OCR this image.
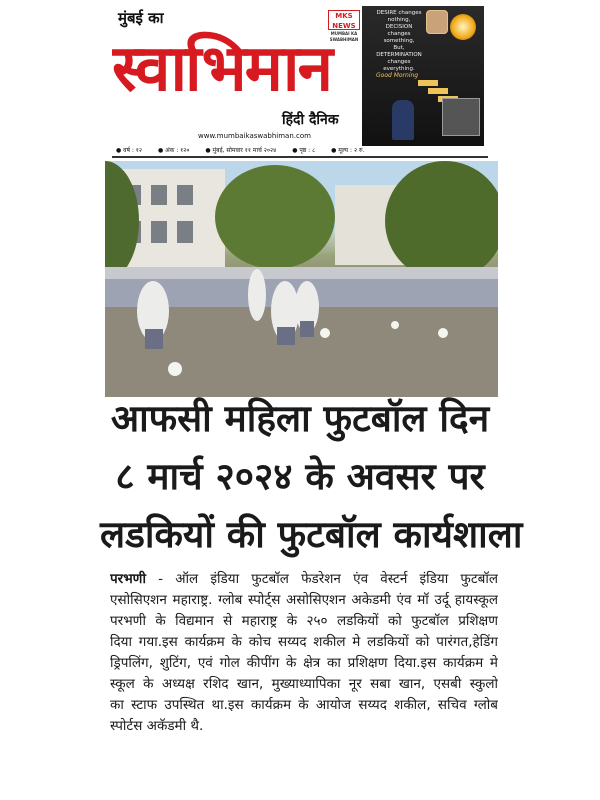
मुंबई का
स्वाभिमान
हिंदी दैनिक
www.mumbaikaswabhiman.com
MKS NEWS
MUMBAI KA SWABHIMAN
DESIRE changes
nothing,
DECISION
changes
something,
But,
DETERMINATION
changes
everything.
Good Morning
● वर्ष : १२	● अंक : १२०	● मुंबई, सोमवार ११ मार्च २०२४	● पृष्ठ : ८	● मूल्य : २ रु.
आफसी महिला फुटबॉल दिन
८ मार्च २०२४ के अवसर पर
लडकियों की फुटबॉल कार्यशाला
परभणी - ऑल इंडिया फुटबॉल फेडरेशन एंव वेस्टर्न इंडिया फुटबॉल
एसोसिएशन महाराष्ट्र. ग्लोब स्पोर्ट्स असोसिएशन अकेडमी एंव मॉ उर्दू हायस्कूल
परभणी के विद्यमान से महाराष्ट्र के २५० लडकियों को फुटबॉल प्रशिक्षण
दिया गया.इस कार्यक्रम के कोच सय्यद शकील मे लडकियों को पारंगत,हेडिंग
ड्रिपलिंग, शुटिंग, एवं गोल कीपींग के क्षेत्र का प्रशिक्षण दिया.इस कार्यक्रम मे
स्कूल के अध्यक्ष रशिद खान, मुख्याध्यापिका नूर सबा खान, एसबी स्कुलो
का स्टाफ उपस्थित था.इस कार्यक्रम के आयोज सय्यद शकील, सचिव ग्लोब
स्पोर्टस अकॅडमी थै.
